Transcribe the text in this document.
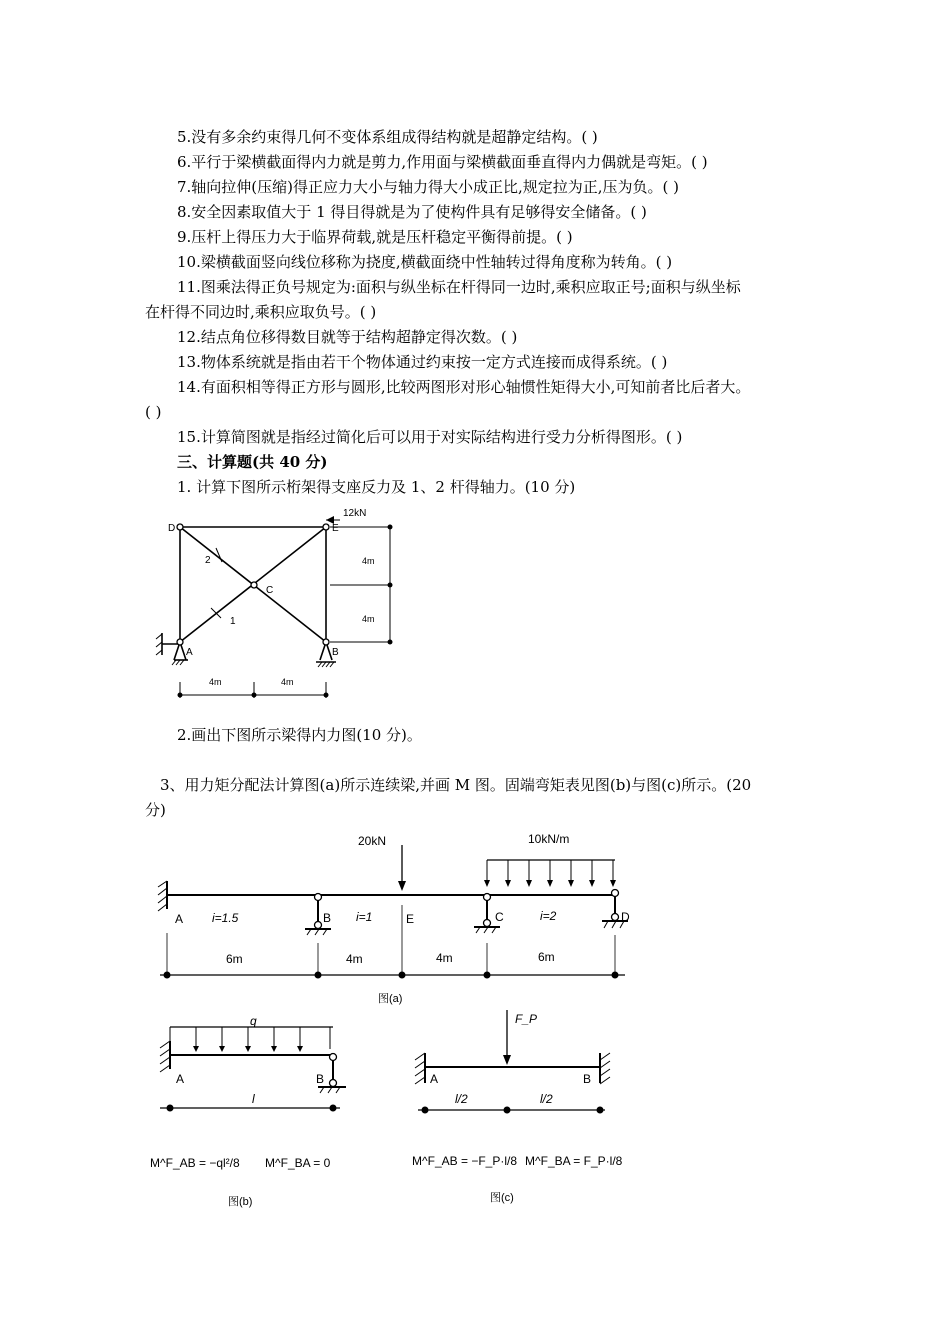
5.没有多余约束得几何不变体系组成得结构就是超静定结构。( )
6.平行于梁横截面得内力就是剪力,作用面与梁横截面垂直得内力偶就是弯矩。( )
7.轴向拉伸(压缩)得正应力大小与轴力得大小成正比,规定拉为正,压为负。( )
8.安全因素取值大于 1 得目得就是为了使构件具有足够得安全储备。( )
9.压杆上得压力大于临界荷载,就是压杆稳定平衡得前提。( )
10.梁横截面竖向线位移称为挠度,横截面绕中性轴转过得角度称为转角。( )
11.图乘法得正负号规定为:面积与纵坐标在杆得同一边时,乘积应取正号;面积与纵坐标
在杆得不同边时,乘积应取负号。( )
12.结点角位移得数目就等于结构超静定得次数。( )
13.物体系统就是指由若干个物体通过约束按一定方式连接而成得系统。( )
14.有面积相等得正方形与圆形,比较两图形对形心轴惯性矩得大小,可知前者比后者大。
( )
15.计算简图就是指经过简化后可以用于对实际结构进行受力分析得图形。( )
三、计算题(共 40 分)
1. 计算下图所示桁架得支座反力及 1、2 杆得轴力。(10 分)
12kN
D	E
C
A	B
2
1
4m
4m
4m	4m
2.画出下图所示梁得内力图(10 分)。
3、用力矩分配法计算图(a)所示连续梁,并画 M 图。固端弯矩表见图(b)与图(c)所示。(20
分)
20kN	10kN/m
A	B	E	C	D
i=1.5	i=1	i=2
6m	4m	4m	6m
图(a)
q
A	B
l
M^F_AB = −ql²/8 M^F_BA = 0
图(b)
F_P
A	B
l/2	l/2
M^F_AB = −F_P·l/8 M^F_BA = F_P·l/8
图(c)
